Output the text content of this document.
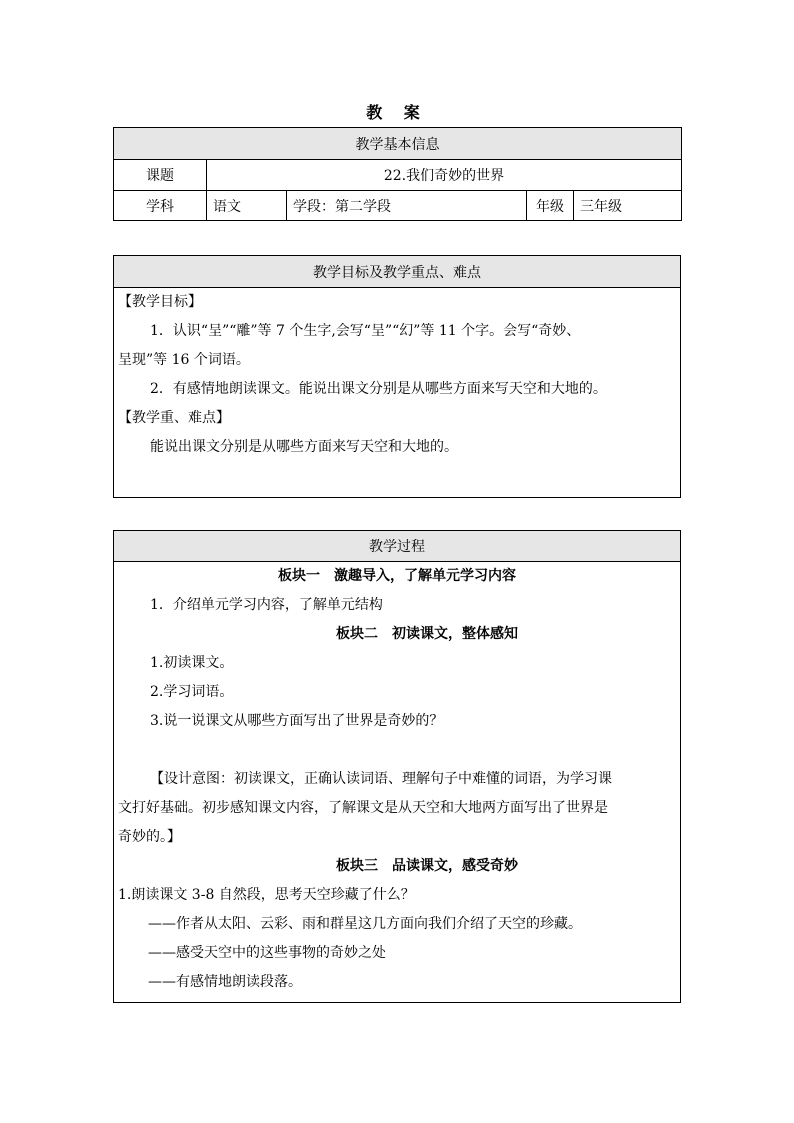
教 案
教学基本信息				
课题	22.我们奇妙的世界			
学科	语文	学段：第二学段	年级	三年级
教学目标及教学重点、难点

【教学目标】

1．认识“呈”“雕”等 7 个生字,会写“呈”“幻”等 11 个字。会写“奇妙、

呈现”等 16 个词语。

2．有感情地朗读课文。能说出课文分别是从哪些方面来写天空和大地的。

【教学重、难点】

能说出课文分别是从哪些方面来写天空和大地的。

教学过程

板块一　激趣导入，了解单元学习内容

1．介绍单元学习内容，了解单元结构

板块二　初读课文，整体感知

1.初读课文。

2.学习词语。

3.说一说课文从哪些方面写出了世界是奇妙的？

【设计意图：初读课文，正确认读词语、理解句子中难懂的词语，为学习课

文打好基础。初步感知课文内容，了解课文是从天空和大地两方面写出了世界是

奇妙的。】

板块三　品读课文，感受奇妙

1.朗读课文 3-8 自然段，思考天空珍藏了什么？

——作者从太阳、云彩、雨和群星这几方面向我们介绍了天空的珍藏。

——感受天空中的这些事物的奇妙之处

——有感情地朗读段落。
